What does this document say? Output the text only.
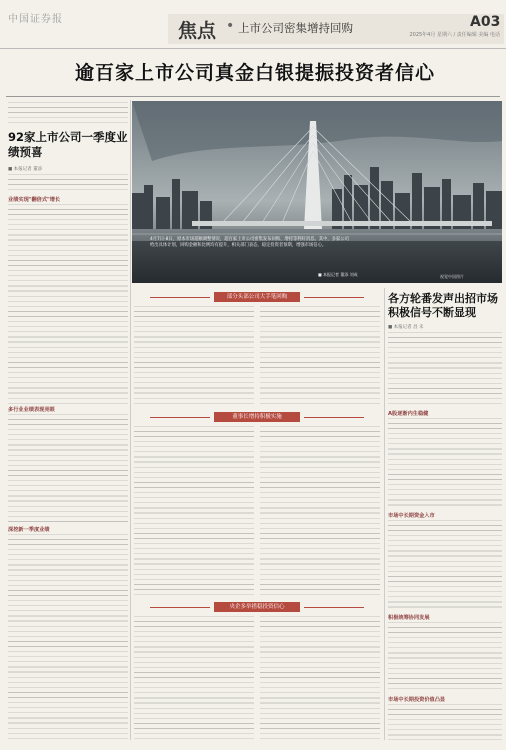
中国证券报
焦点 • 上市公司密集增持回购	A03
2025年4月 星期六 / 责任编辑 美编 电话
逾百家上市公司真金白银提振投资者信心
92家上市公司一季度业绩预喜
■ 本报记者 董添
业绩实现"翻倍式"增长
多行业业绩表现亮眼
深挖新一季度业绩
4月7日-8日，原本市场超额调整情况，超百家上市公司密集发布回购、增持等利好消息。其中，多家公司给出具体计划，回购金额和比例均有提升，相关部门表态，稳定投资者预期，增强市场信心。
■ 本报记者 董添 刘成	视觉中国图片
部分头部公司大手笔回购
董事长增持积极实施
央企多举措稳投资信心
各方轮番发声出招市场积极信号不断显现
■ 本报记者 昌 未
A股逐渐内生稳健
市场中长期资金入市
积极统筹协同发展
市场中长期投资价值凸显
